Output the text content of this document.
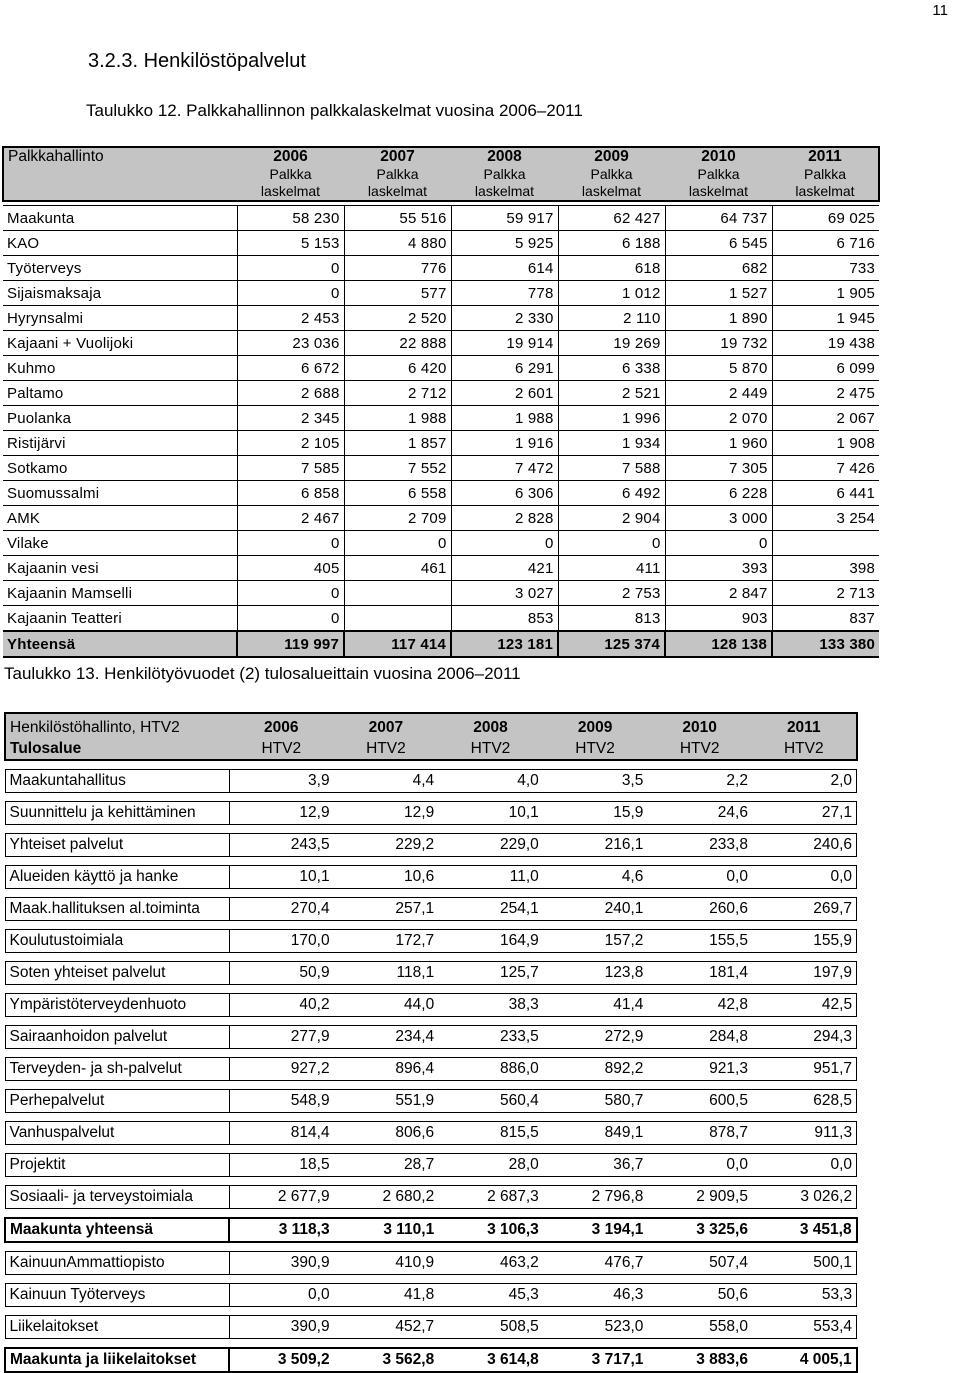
11
3.2.3. Henkilöstöpalvelut
Taulukko 12. Palkkahallinnon palkkalaskelmat vuosina 2006–2011
Palkkahallinto	2006	2007	2008	2009	2010	2011
	Palkka	Palkka	Palkka	Palkka	Palkka	Palkka
	laskelmat	laskelmat	laskelmat	laskelmat	laskelmat	laskelmat

Maakunta	58 230	55 516	59 917	62 427	64 737	69 025
KAO	5 153	4 880	5 925	6 188	6 545	6 716
Työterveys	0	776	614	618	682	733
Sijaismaksaja	0	577	778	1 012	1 527	1 905
Hyrynsalmi	2 453	2 520	2 330	2 110	1 890	1 945
Kajaani + Vuolijoki	23 036	22 888	19 914	19 269	19 732	19 438
Kuhmo	6 672	6 420	6 291	6 338	5 870	6 099
Paltamo	2 688	2 712	2 601	2 521	2 449	2 475
Puolanka	2 345	1 988	1 988	1 996	2 070	2 067
Ristijärvi	2 105	1 857	1 916	1 934	1 960	1 908
Sotkamo	7 585	7 552	7 472	7 588	7 305	7 426
Suomussalmi	6 858	6 558	6 306	6 492	6 228	6 441
AMK	2 467	2 709	2 828	2 904	3 000	3 254
Vilake	0	0	0	0	0	
Kajaanin vesi	405	461	421	411	393	398
Kajaanin Mamselli	0		3 027	2 753	2 847	2 713
Kajaanin Teatteri	0		853	813	903	837
Yhteensä	119 997	117 414	123 181	125 374	128 138	133 380
Taulukko 13. Henkilötyövuodet (2) tulosalueittain vuosina 2006–2011
Henkilöstöhallinto, HTV2	2006	2007	2008	2009	2010	2011
Tulosalue	HTV2	HTV2	HTV2	HTV2	HTV2	HTV2

Maakuntahallitus	3,9	4,4	4,0	3,5	2,2	2,0

Suunnittelu ja kehittäminen	12,9	12,9	10,1	15,9	24,6	27,1

Yhteiset palvelut	243,5	229,2	229,0	216,1	233,8	240,6

Alueiden käyttö ja hanke	10,1	10,6	11,0	4,6	0,0	0,0

Maak.hallituksen al.toiminta	270,4	257,1	254,1	240,1	260,6	269,7

Koulutustoimiala	170,0	172,7	164,9	157,2	155,5	155,9

Soten yhteiset palvelut	50,9	118,1	125,7	123,8	181,4	197,9

Ympäristöterveydenhuoto	40,2	44,0	38,3	41,4	42,8	42,5

Sairaanhoidon palvelut	277,9	234,4	233,5	272,9	284,8	294,3

Terveyden- ja sh-palvelut	927,2	896,4	886,0	892,2	921,3	951,7

Perhepalvelut	548,9	551,9	560,4	580,7	600,5	628,5

Vanhuspalvelut	814,4	806,6	815,5	849,1	878,7	911,3

Projektit	18,5	28,7	28,0	36,7	0,0	0,0

Sosiaali- ja terveystoimiala	2 677,9	2 680,2	2 687,3	2 796,8	2 909,5	3 026,2

Maakunta yhteensä	3 118,3	3 110,1	3 106,3	3 194,1	3 325,6	3 451,8

KainuunAmmattiopisto	390,9	410,9	463,2	476,7	507,4	500,1

Kainuun Työterveys	0,0	41,8	45,3	46,3	50,6	53,3

Liikelaitokset	390,9	452,7	508,5	523,0	558,0	553,4

Maakunta ja liikelaitokset	3 509,2	3 562,8	3 614,8	3 717,1	3 883,6	4 005,1
